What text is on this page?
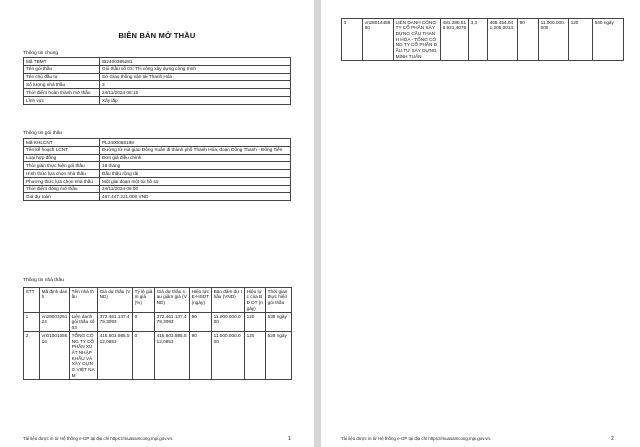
BIÊN BẢN MỞ THẦU
Thông tin chung
Mã TBMT	IB2400385281
Tên gói thầu	Gói thầu số 03: Thi công xây dựng công trình
Tên chủ đầu tư	Sở Giao thông vận tải Thanh Hóa
Số lượng nhà thầu	3
Thời điểm hoàn thành mở thầu	24/11/2024 08:15
Lĩnh vực	Xây lắp
Thông tin gói thầu
Mã KHLCNT	PL2400058189
Tên kế hoạch LCNT	Đường từ nút giao Đông Xuân đi thành phố Thanh Hóa, đoạn Đông Thanh - Đông Tiến
Loại hợp đồng	Đơn giá điều chỉnh
Thời gian thực hiện gói thầu	18 tháng
Hình thức lựa chọn nhà thầu	Đấu thầu rộng rãi
Phương thức lựa chọn nhà thầu	Một giai đoạn một túi hồ sơ
Thời điểm đóng mở thầu	24/11/2024 08:00
Giá dự toán	467.447.221.000 VND
Thông tin nhà thầu
STT	Mã định danh	Tên nhà thầu	Giá dự thầu (VND)	Tỷ lệ giảm giá (%)	Giá dự thầu sau giảm giá (VND)	Hiệu lực E-HSDT (ngày)	Bảo đảm dự thầu (VND)	Hiệu lực của BĐ DT (ngày)	Thời gian thực hiện gói thầu
1	vn2900325124	Liên danh gói thầu số 03	372.461.137.479,3093	0	372.461.137.479,3093	90	11.000.000.000	120	535 ngày
2	vn0100105616	TỔNG CÔNG TY CỔ PHẦN XUẤT NHẬP KHẨU VÀ XÂY DỰNG VIỆT NAM	415.603.985.512,0853	0	415.603.985.512,0853	90	11.000.000.000	120	528 ngày
Tài liệu được in từ Hệ thống e-GP tại địa chỉ https://muasamcong.mpi.gov.vn.	1
3	vn2801445660	LIÊN DANH CÔNG TY CỔ PHẦN XÂY DỰNG CẦU THANH HÓA - TỔNG CÔNG TY CỔ PHẦN ĐẦU TƯ XÂY DỰNG MINH TUẤN	481.280.515.921,4078	3,3	465.454.041.205,0013	90	11.000.000.000	120	540 ngày
Tài liệu được in từ Hệ thống e-GP tại địa chỉ https://muasamcong.mpi.gov.vn.	2
